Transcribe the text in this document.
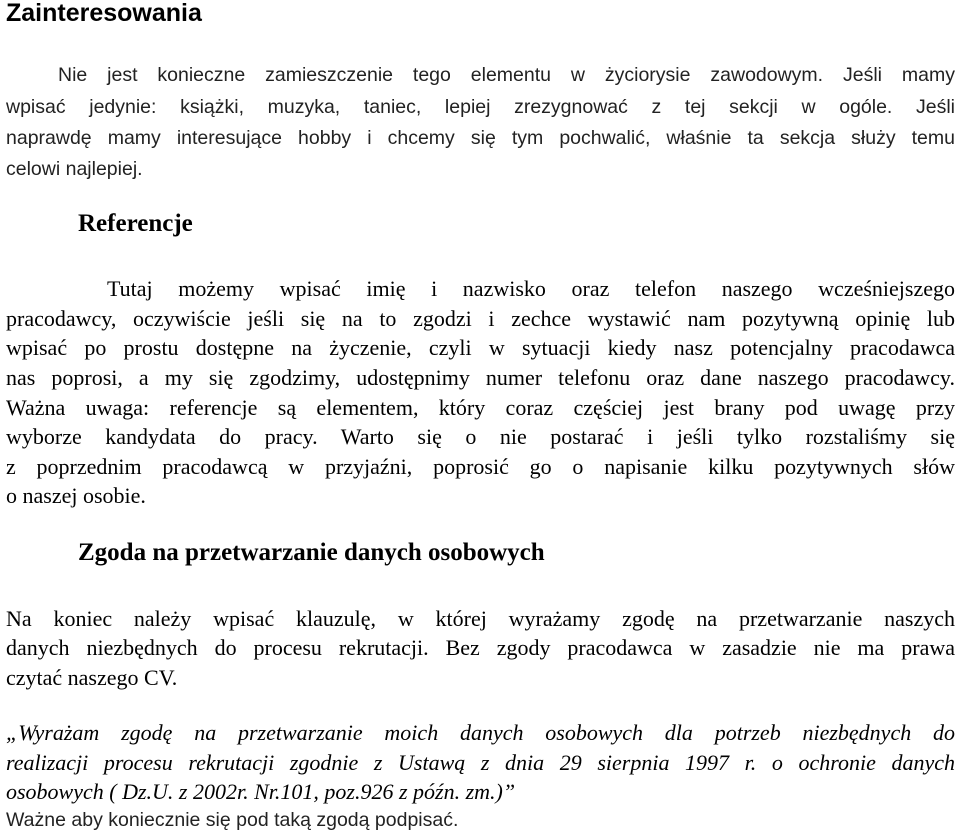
Zainteresowania

Nie jest konieczne zamieszczenie tego elementu w życiorysie zawodowym. Jeśli mamy

wpisać jedynie: książki, muzyka, taniec, lepiej zrezygnować z tej sekcji w ogóle. Jeśli

naprawdę mamy interesujące hobby i chcemy się tym pochwalić, właśnie ta sekcja służy temu

celowi najlepiej.

Referencje

Tutaj możemy wpisać imię i nazwisko oraz telefon naszego wcześniejszego

pracodawcy, oczywiście jeśli się na to zgodzi i zechce wystawić nam pozytywną opinię lub

wpisać po prostu dostępne na życzenie, czyli w sytuacji kiedy nasz potencjalny pracodawca

nas poprosi, a my się zgodzimy, udostępnimy numer telefonu oraz dane naszego pracodawcy.

Ważna uwaga: referencje są elementem, który coraz częściej jest brany pod uwagę przy

wyborze kandydata do pracy. Warto się o nie postarać i jeśli tylko rozstaliśmy się

z poprzednim pracodawcą w przyjaźni, poprosić go o napisanie kilku pozytywnych słów

o naszej osobie.

Zgoda na przetwarzanie danych osobowych

Na koniec należy wpisać klauzulę, w której wyrażamy zgodę na przetwarzanie naszych

danych niezbędnych do procesu rekrutacji. Bez zgody pracodawca w zasadzie nie ma prawa

czytać naszego CV.

„Wyrażam zgodę na przetwarzanie moich danych osobowych dla potrzeb niezbędnych do

realizacji procesu rekrutacji zgodnie z Ustawą z dnia 29 sierpnia 1997 r. o ochronie danych

osobowych ( Dz.U. z 2002r. Nr.101, poz.926 z późn. zm.)”

Ważne aby koniecznie się pod taką zgodą podpisać.
